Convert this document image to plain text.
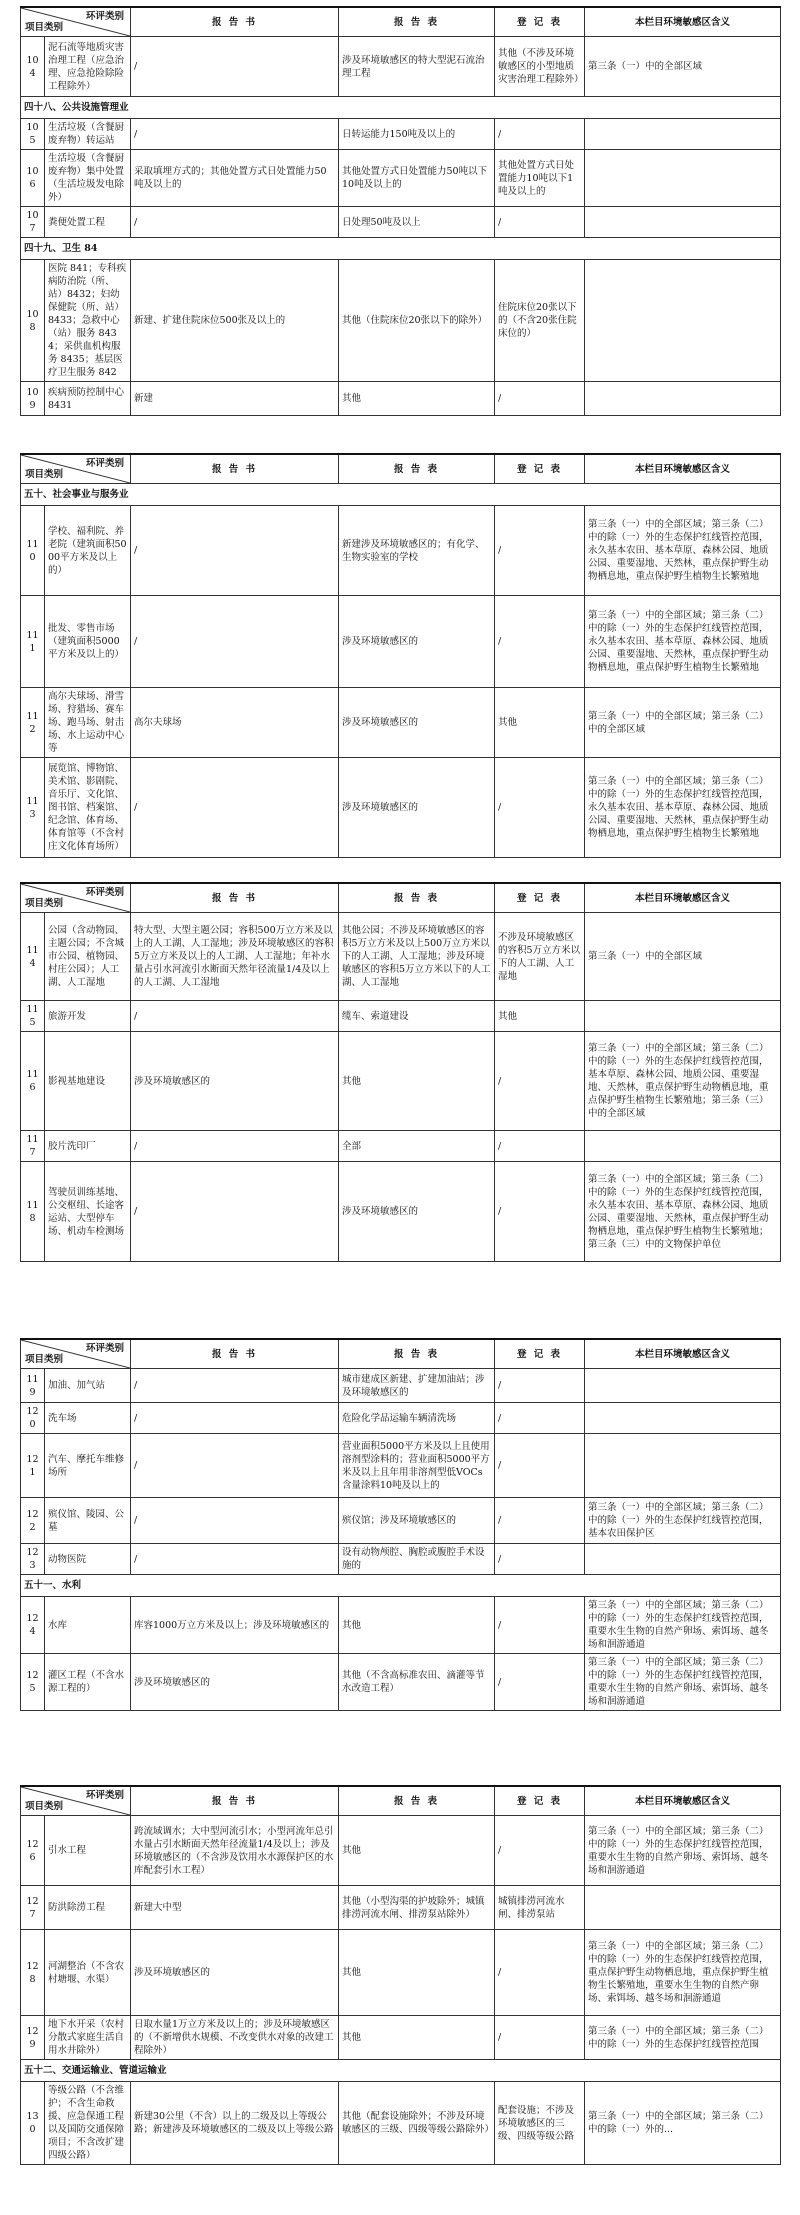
环评类别
项目类别		报 告 书	报 告 表	登 记 表	本栏目环境敏感区含义
104	泥石流等地质灾害治理工程（应急治理、应急抢险除险工程除外）	/	涉及环境敏感区的特大型泥石流治理工程	其他（不涉及环境敏感区的小型地质灾害治理工程除外）	第三条（一）中的全部区域
四十八、公共设施管理业					
105	生活垃圾（含餐厨废弃物）转运站	/	日转运能力150吨及以上的	/	
106	生活垃圾（含餐厨废弃物）集中处置（生活垃圾发电除外）	采取填埋方式的；其他处置方式日处置能力50吨及以上的	其他处置方式日处置能力50吨以下10吨及以上的	其他处置方式日处置能力10吨以下1吨及以上的	
107	粪便处置工程	/	日处理50吨及以上	/	
四十九、卫生 84					
108	医院 841；专科疾病防治院（所、站）8432；妇幼保健院（所、站）8433；急救中心（站）服务 8434；采供血机构服务 8435；基层医疗卫生服务 842	新建、扩建住院床位500张及以上的	其他（住院床位20张以下的除外）	住院床位20张以下的（不含20张住院床位的）	
109	疾病预防控制中心 8431	新建	其他	/	
环评类别
项目类别		报 告 书	报 告 表	登 记 表	本栏目环境敏感区含义
五十、社会事业与服务业					
110	学校、福利院、养老院（建筑面积5000平方米及以上的）	/	新建涉及环境敏感区的；有化学、生物实验室的学校	/	第三条（一）中的全部区域；第三条（二）中的除（一）外的生态保护红线管控范围，永久基本农田、基本草原、森林公园、地质公园、重要湿地、天然林，重点保护野生动物栖息地，重点保护野生植物生长繁殖地
111	批发、零售市场（建筑面积5000平方米及以上的）	/	涉及环境敏感区的	/	第三条（一）中的全部区域；第三条（二）中的除（一）外的生态保护红线管控范围，永久基本农田、基本草原、森林公园、地质公园、重要湿地、天然林，重点保护野生动物栖息地，重点保护野生植物生长繁殖地
112	高尔夫球场、滑雪场、狩猎场、赛车场、跑马场、射击场、水上运动中心等	高尔夫球场	涉及环境敏感区的	其他	第三条（一）中的全部区域；第三条（二）中的全部区域
113	展览馆、博物馆、美术馆、影剧院、音乐厅、文化馆、图书馆、档案馆、纪念馆、体育场、体育馆等（不含村庄文化体育场所）	/	涉及环境敏感区的	/	第三条（一）中的全部区域；第三条（二）中的除（一）外的生态保护红线管控范围，永久基本农田、基本草原、森林公园、地质公园、重要湿地、天然林，重点保护野生动物栖息地，重点保护野生植物生长繁殖地
环评类别
项目类别		报 告 书	报 告 表	登 记 表	本栏目环境敏感区含义
114	公园（含动物园、主题公园；不含城市公园、植物园、村庄公园）；人工湖、人工湿地	特大型、大型主题公园；容积500万立方米及以上的人工湖、人工湿地；涉及环境敏感区的容积5万立方米及以上的人工湖、人工湿地；年补水量占引水河流引水断面天然年径流量1/4及以上的人工湖、人工湿地	其他公园；不涉及环境敏感区的容积5万立方米及以上500万立方米以下的人工湖、人工湿地；涉及环境敏感区的容积5万立方米以下的人工湖、人工湿地	不涉及环境敏感区的容积5万立方米以下的人工湖、人工湿地	第三条（一）中的全部区域
115	旅游开发	/	缆车、索道建设	其他	
116	影视基地建设	涉及环境敏感区的	其他	/	第三条（一）中的全部区域；第三条（二）中的除（一）外的生态保护红线管控范围，基本草原、森林公园、地质公园、重要湿地、天然林，重点保护野生动物栖息地，重点保护野生植物生长繁殖地；第三条（三）中的全部区域
117	胶片洗印厂	/	全部	/	
118	驾驶员训练基地、公交枢纽、长途客运站、大型停车场、机动车检测场	/	涉及环境敏感区的	/	第三条（一）中的全部区域；第三条（二）中的除（一）外的生态保护红线管控范围，永久基本农田、基本草原、森林公园、地质公园、重要湿地、天然林，重点保护野生动物栖息地，重点保护野生植物生长繁殖地；第三条（三）中的文物保护单位
环评类别
项目类别		报 告 书	报 告 表	登 记 表	本栏目环境敏感区含义
119	加油、加气站	/	城市建成区新建、扩建加油站；涉及环境敏感区的	/	
120	洗车场	/	危险化学品运输车辆清洗场	/	
121	汽车、摩托车维修场所	/	营业面积5000平方米及以上且使用溶剂型涂料的；营业面积5000平方米及以上且年用非溶剂型低VOCs含量涂料10吨及以上的	/	
122	殡仪馆、陵园、公墓	/	殡仪馆；涉及环境敏感区的	/	第三条（一）中的全部区域；第三条（二）中的除（一）外的生态保护红线管控范围，基本农田保护区
123	动物医院	/	设有动物颅腔、胸腔或腹腔手术设施的	/	
五十一、水利					
124	水库	库容1000万立方米及以上；涉及环境敏感区的	其他	/	第三条（一）中的全部区域；第三条（二）中的除（一）外的生态保护红线管控范围，重要水生生物的自然产卵场、索饵场、越冬场和洄游通道
125	灌区工程（不含水源工程的）	涉及环境敏感区的	其他（不含高标准农田、滴灌等节水改造工程）	/	第三条（一）中的全部区域；第三条（二）中的除（一）外的生态保护红线管控范围，重要水生生物的自然产卵场、索饵场、越冬场和洄游通道
环评类别
项目类别		报 告 书	报 告 表	登 记 表	本栏目环境敏感区含义
126	引水工程	跨流域调水；大中型河流引水；小型河流年总引水量占引水断面天然年径流量1/4及以上；涉及环境敏感区的（不含涉及饮用水水源保护区的水库配套引水工程）	其他	/	第三条（一）中的全部区域；第三条（二）中的除（一）外的生态保护红线管控范围，重要水生生物的自然产卵场、索饵场、越冬场和洄游通道
127	防洪除涝工程	新建大中型	其他（小型沟渠的护坡除外；城镇排涝河流水闸、排涝泵站除外）	城镇排涝河流水闸、排涝泵站	
128	河湖整治（不含农村塘堰、水渠）	涉及环境敏感区的	其他	/	第三条（一）中的全部区域；第三条（二）中的除（一）外的生态保护红线管控范围，重点保护野生动物栖息地，重点保护野生植物生长繁殖地，重要水生生物的自然产卵场、索饵场、越冬场和洄游通道
129	地下水开采（农村分散式家庭生活自用水井除外）	日取水量1万立方米及以上的；涉及环境敏感区的（不新增供水规模、不改变供水对象的改建工程除外）	其他	/	第三条（一）中的全部区域；第三条（二）中的除（一）外的生态保护红线管控范围
五十二、交通运输业、管道运输业					
130	等级公路（不含维护；不含生命救援、应急保通工程以及国防交通保障项目；不含改扩建四级公路）	新建30公里（不含）以上的二级及以上等级公路；新建涉及环境敏感区的二级及以上等级公路	其他（配套设施除外；不涉及环境敏感区的三级、四级等级公路除外）	配套设施；不涉及环境敏感区的三级、四级等级公路	第三条（一）中的全部区域；第三条（二）中的除（一）外的...
